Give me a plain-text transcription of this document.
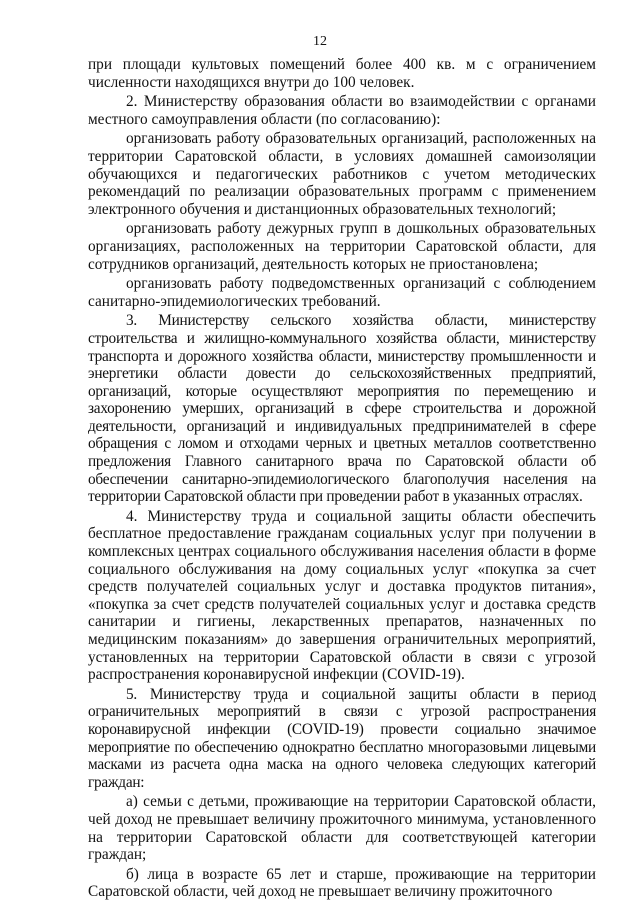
12

при площади культовых помещений более 400 кв. м с ограничением численности находящихся внутри до 100 человек.

2. Министерству образования области во взаимодействии с органами местного самоуправления области (по согласованию):

организовать работу образовательных организаций, расположенных на территории Саратовской области, в условиях домашней самоизоляции обучающихся и педагогических работников с учетом методических рекомендаций по реализации образовательных программ с применением электронного обучения и дистанционных образовательных технологий;

организовать работу дежурных групп в дошкольных образовательных организациях, расположенных на территории Саратовской области, для сотрудников организаций, деятельность которых не приостановлена;

организовать работу подведомственных организаций с соблюдением санитарно-эпидемиологических требований.

3. Министерству сельского хозяйства области, министерству строительства и жилищно-коммунального хозяйства области, министерству транспорта и дорожного хозяйства области, министерству промышленности и энергетики области довести до сельскохозяйственных предприятий, организаций, которые осуществляют мероприятия по перемещению и захоронению умерших, организаций в сфере строительства и дорожной деятельности, организаций и индивидуальных предпринимателей в сфере обращения с ломом и отходами черных и цветных металлов соответственно предложения Главного санитарного врача по Саратовской области об обеспечении санитарно-эпидемиологического благополучия населения на территории Саратовской области при проведении работ в указанных отраслях.

4. Министерству труда и социальной защиты области обеспечить бесплатное предоставление гражданам социальных услуг при получении в комплексных центрах социального обслуживания населения области в форме социального обслуживания на дому социальных услуг «покупка за счет средств получателей социальных услуг и доставка продуктов питания», «покупка за счет средств получателей социальных услуг и доставка средств санитарии и гигиены, лекарственных препаратов, назначенных по медицинским показаниям» до завершения ограничительных мероприятий, установленных на территории Саратовской области в связи с угрозой распространения коронавирусной инфекции (COVID-19).

5. Министерству труда и социальной защиты области в период ограничительных мероприятий в связи с угрозой распространения коронавирусной инфекции (COVID-19) провести социально значимое мероприятие по обеспечению однократно бесплатно многоразовыми лицевыми масками из расчета одна маска на одного человека следующих категорий граждан:

а) семьи с детьми, проживающие на территории Саратовской области, чей доход не превышает величину прожиточного минимума, установленного на территории Саратовской области для соответствующей категории граждан;

б) лица в возрасте 65 лет и старше, проживающие на территории Саратовской области, чей доход не превышает величину прожиточного
